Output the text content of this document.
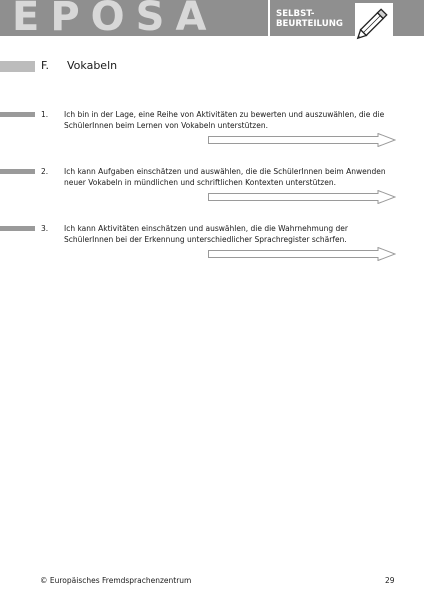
EPOSA	SELBST-
BEURTEILUNG
F. Vokabeln
1. Ich bin in der Lage, eine Reihe von Aktivitäten zu bewerten und auszuwählen, die die SchülerInnen beim Lernen von Vokabeln unterstützen.
2. Ich kann Aufgaben einschätzen und auswählen, die die SchülerInnen beim Anwenden neuer Vokabeln in mündlichen und schriftlichen Kontexten unterstützen.
3. Ich kann Aktivitäten einschätzen und auswählen, die die Wahrnehmung der SchülerInnen bei der Erkennung unterschiedlicher Sprachregister schärfen.
© Europäisches Fremdsprachenzentrum	29
